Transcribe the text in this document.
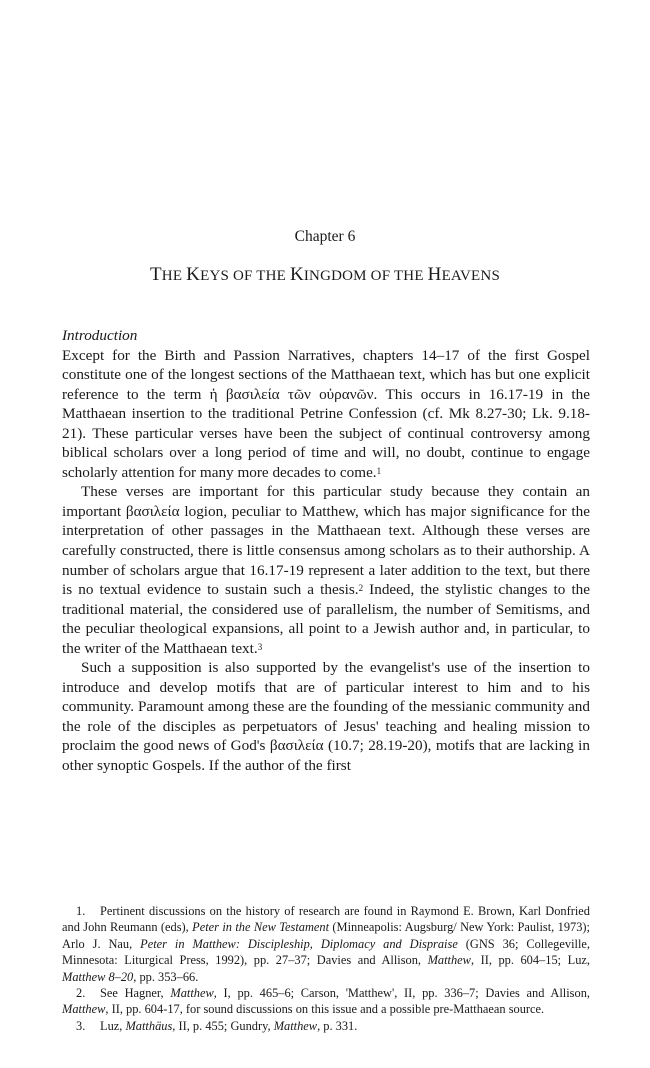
Chapter 6
THE KEYS OF THE KINGDOM OF THE HEAVENS

Introduction

Except for the Birth and Passion Narratives, chapters 14–17 of the first Gospel constitute one of the longest sections of the Matthaean text, which has but one explicit reference to the term ἡ βασιλεία τῶν οὐρανῶν. This occurs in 16.17-19 in the Matthaean insertion to the traditional Petrine Confession (cf. Mk 8.27-30; Lk. 9.18-21). These particular verses have been the subject of continual controversy among biblical scholars over a long period of time and will, no doubt, continue to engage scholarly attention for many more decades to come.$^1$

These verses are important for this particular study because they contain an important βασιλεία logion, peculiar to Matthew, which has major significance for the interpretation of other passages in the Matthaean text. Although these verses are carefully constructed, there is little consensus among scholars as to their authorship. A number of scholars argue that 16.17-19 represent a later addition to the text, but there is no textual evidence to sustain such a thesis.$^2$ Indeed, the stylistic changes to the traditional material, the considered use of parallelism, the number of Semitisms, and the peculiar theological expansions, all point to a Jewish author and, in particular, to the writer of the Matthaean text.$^3$

Such a supposition is also supported by the evangelist's use of the insertion to introduce and develop motifs that are of particular interest to him and to his community. Paramount among these are the founding of the messianic community and the role of the disciples as perpetuators of Jesus' teaching and healing mission to proclaim the good news of God's βασιλεία (10.7; 28.19-20), motifs that are lacking in other synoptic Gospels. If the author of the first

1. Pertinent discussions on the history of research are found in Raymond E. Brown, Karl Donfried and John Reumann (eds), Peter in the New Testament (Minneapolis: Augsburg/ New York: Paulist, 1973); Arlo J. Nau, Peter in Matthew: Discipleship, Diplomacy and Dispraise (GNS 36; Collegeville, Minnesota: Liturgical Press, 1992), pp. 27–37; Davies and Allison, Matthew, II, pp. 604–15; Luz, Matthew 8–20, pp. 353–66.

2. See Hagner, Matthew, I, pp. 465–6; Carson, 'Matthew', II, pp. 336–7; Davies and Allison, Matthew, II, pp. 604-17, for sound discussions on this issue and a possible pre-Matthaean source.

3. Luz, Matthäus, II, p. 455; Gundry, Matthew, p. 331.
